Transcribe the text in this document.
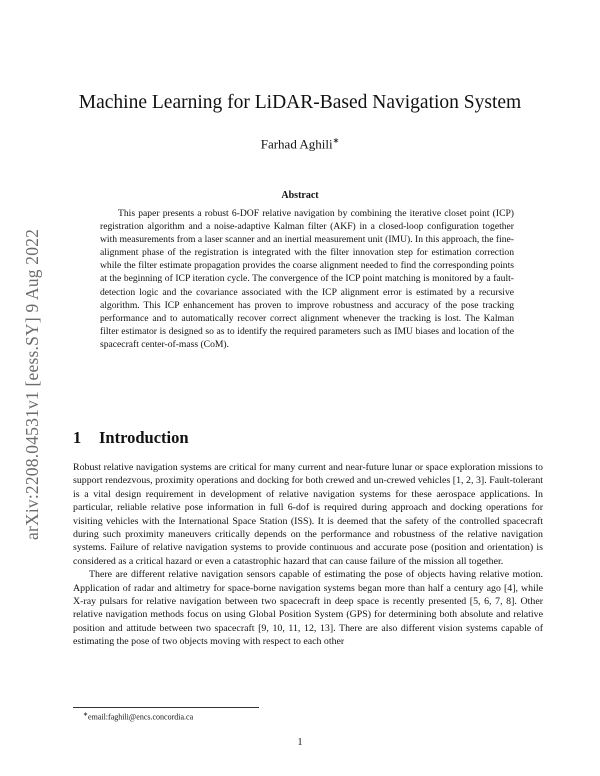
arXiv:2208.04531v1 [eess.SY] 9 Aug 2022
Machine Learning for LiDAR-Based Navigation System
Farhad Aghili∗
Abstract
This paper presents a robust 6-DOF relative navigation by combining the iterative closet point (ICP) registration algorithm and a noise-adaptive Kalman filter (AKF) in a closed-loop configuration together with measurements from a laser scanner and an inertial measurement unit (IMU). In this approach, the fine-alignment phase of the registration is integrated with the filter innovation step for estimation correction while the filter estimate propagation provides the coarse alignment needed to find the corresponding points at the beginning of ICP iteration cycle. The convergence of the ICP point matching is monitored by a fault-detection logic and the covariance associated with the ICP alignment error is estimated by a recursive algorithm. This ICP enhancement has proven to improve robustness and accuracy of the pose tracking performance and to automatically recover correct alignment whenever the tracking is lost. The Kalman filter estimator is designed so as to identify the required parameters such as IMU biases and location of the spacecraft center-of-mass (CoM).
1 Introduction

Robust relative navigation systems are critical for many current and near-future lunar or space exploration missions to support rendezvous, proximity operations and docking for both crewed and un-crewed vehicles [1, 2, 3]. Fault-tolerant is a vital design requirement in development of relative navigation systems for these aerospace applications. In particular, reliable relative pose information in full 6-dof is required during approach and docking operations for visiting vehicles with the International Space Station (ISS). It is deemed that the safety of the controlled spacecraft during such proximity maneuvers critically depends on the performance and robustness of the relative navigation systems. Failure of relative navigation systems to provide continuous and accurate pose (position and orientation) is considered as a critical hazard or even a catastrophic hazard that can cause failure of the mission all together.

There are different relative navigation sensors capable of estimating the pose of objects having relative motion. Application of radar and altimetry for space-borne navigation systems began more than half a century ago [4], while X-ray pulsars for relative navigation between two spacecraft in deep space is recently presented [5, 6, 7, 8]. Other relative navigation methods focus on using Global Position System (GPS) for determining both absolute and relative position and attitude between two spacecraft [9, 10, 11, 12, 13]. There are also different vision systems capable of estimating the pose of two objects moving with respect to each other

∗email:faghili@encs.concordia.ca
1
